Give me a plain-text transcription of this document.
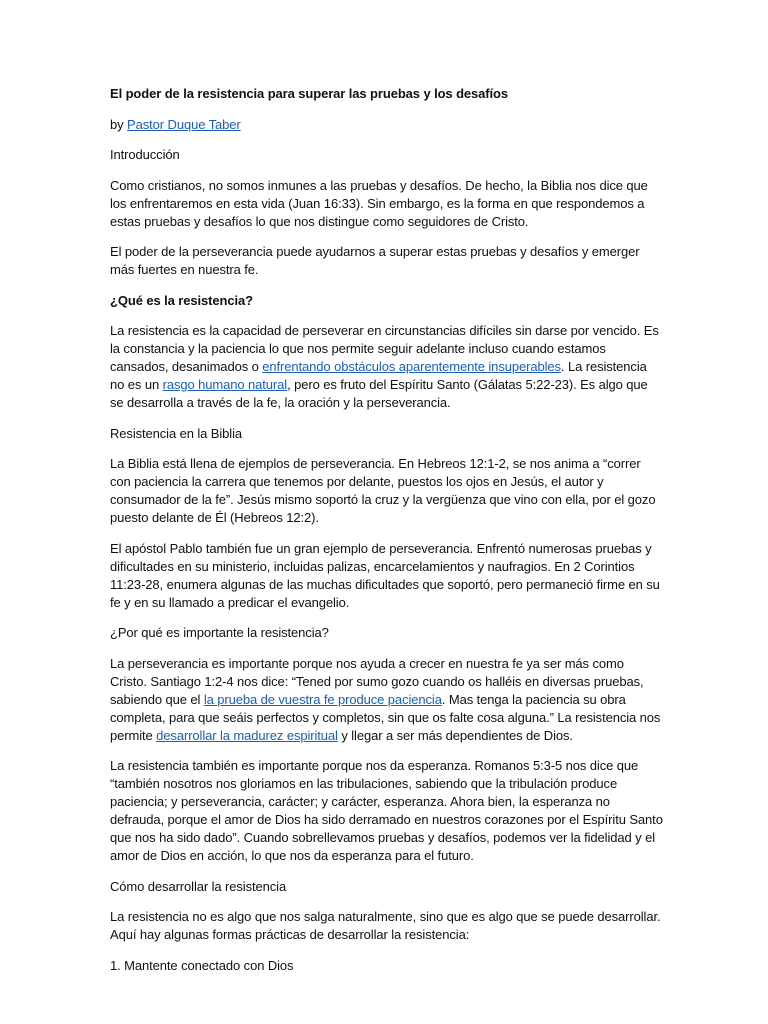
El poder de la resistencia para superar las pruebas y los desafíos

by Pastor Duque Taber

Introducción

Como cristianos, no somos inmunes a las pruebas y desafíos. De hecho, la Biblia nos dice que los enfrentaremos en esta vida (Juan 16:33). Sin embargo, es la forma en que respondemos a estas pruebas y desafíos lo que nos distingue como seguidores de Cristo.

El poder de la perseverancia puede ayudarnos a superar estas pruebas y desafíos y emerger más fuertes en nuestra fe.

¿Qué es la resistencia?

La resistencia es la capacidad de perseverar en circunstancias difíciles sin darse por vencido. Es la constancia y la paciencia lo que nos permite seguir adelante incluso cuando estamos cansados, desanimados o enfrentando obstáculos aparentemente insuperables. La resistencia no es un rasgo humano natural, pero es fruto del Espíritu Santo (Gálatas 5:22-23). Es algo que se desarrolla a través de la fe, la oración y la perseverancia.

Resistencia en la Biblia

La Biblia está llena de ejemplos de perseverancia. En Hebreos 12:1-2, se nos anima a “correr con paciencia la carrera que tenemos por delante, puestos los ojos en Jesús, el autor y consumador de la fe”. Jesús mismo soportó la cruz y la vergüenza que vino con ella, por el gozo puesto delante de Él (Hebreos 12:2).

El apóstol Pablo también fue un gran ejemplo de perseverancia. Enfrentó numerosas pruebas y dificultades en su ministerio, incluidas palizas, encarcelamientos y naufragios. En 2 Corintios 11:23-28, enumera algunas de las muchas dificultades que soportó, pero permaneció firme en su fe y en su llamado a predicar el evangelio.

¿Por qué es importante la resistencia?

La perseverancia es importante porque nos ayuda a crecer en nuestra fe ya ser más como Cristo. Santiago 1:2-4 nos dice: “Tened por sumo gozo cuando os halléis en diversas pruebas, sabiendo que el la prueba de vuestra fe produce paciencia. Mas tenga la paciencia su obra completa, para que seáis perfectos y completos, sin que os falte cosa alguna.” La resistencia nos permite desarrollar la madurez espiritual y llegar a ser más dependientes de Dios.

La resistencia también es importante porque nos da esperanza. Romanos 5:3-5 nos dice que “también nosotros nos gloriamos en las tribulaciones, sabiendo que la tribulación produce paciencia; y perseverancia, carácter; y carácter, esperanza. Ahora bien, la esperanza no defrauda, porque el amor de Dios ha sido derramado en nuestros corazones por el Espíritu Santo que nos ha sido dado”. Cuando sobrellevamos pruebas y desafíos, podemos ver la fidelidad y el amor de Dios en acción, lo que nos da esperanza para el futuro.

Cómo desarrollar la resistencia

La resistencia no es algo que nos salga naturalmente, sino que es algo que se puede desarrollar. Aquí hay algunas formas prácticas de desarrollar la resistencia:

1. Mantente conectado con Dios
